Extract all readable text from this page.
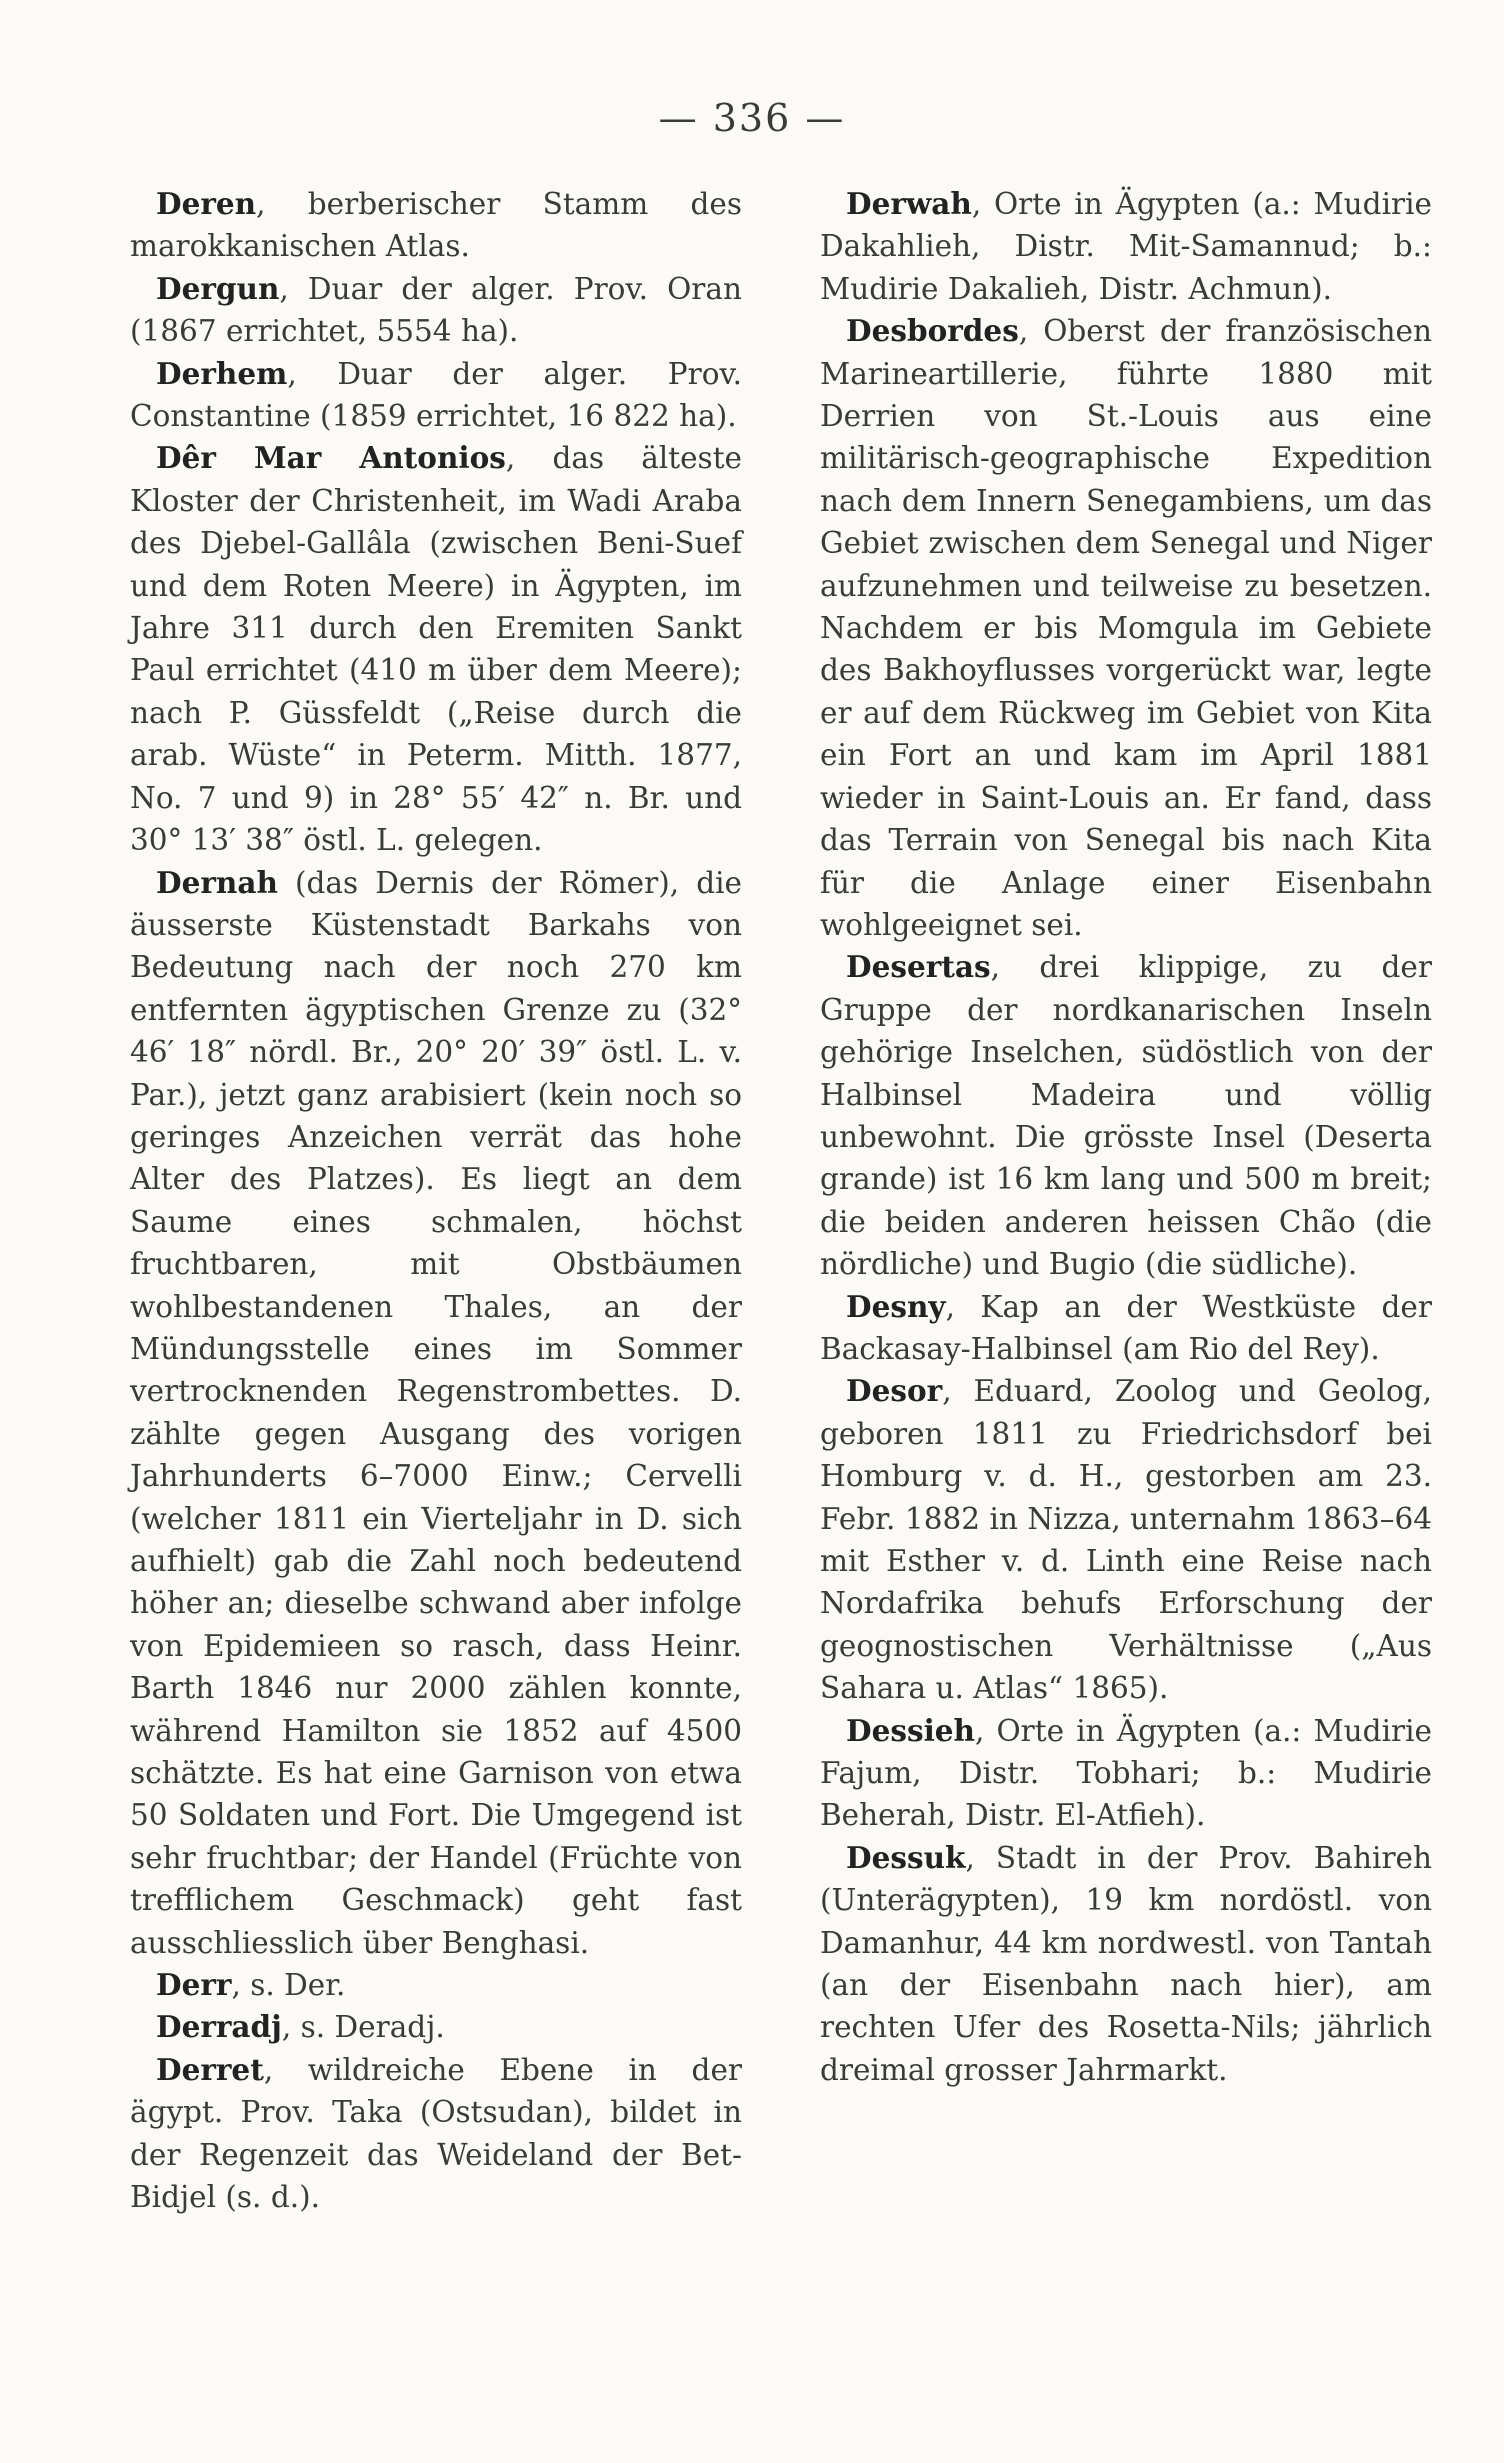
— 336 —

Deren, berberischer Stamm des marokkanischen Atlas.

Dergun, Duar der alger. Prov. Oran (1867 errichtet, 5554 ha).

Derhem, Duar der alger. Prov. Constantine (1859 errichtet, 16 822 ha).

Dêr Mar Antonios, das älteste Kloster der Christenheit, im Wadi Araba des Djebel-Gallâla (zwischen Beni-Suef und dem Roten Meere) in Ägypten, im Jahre 311 durch den Eremiten Sankt Paul errichtet (410 m über dem Meere); nach P. Güssfeldt („Reise durch die arab. Wüste“ in Peterm. Mitth. 1877, No. 7 und 9) in 28° 55′ 42″ n. Br. und 30° 13′ 38″ östl. L. gelegen.

Dernah (das Dernis der Römer), die äusserste Küstenstadt Barkahs von Bedeutung nach der noch 270 km entfernten ägyptischen Grenze zu (32° 46′ 18″ nördl. Br., 20° 20′ 39″ östl. L. v. Par.), jetzt ganz arabisiert (kein noch so geringes Anzeichen verrät das hohe Alter des Platzes). Es liegt an dem Saume eines schmalen, höchst fruchtbaren, mit Obstbäumen wohlbestandenen Thales, an der Mündungsstelle eines im Sommer vertrocknenden Regenstrombettes. D. zählte gegen Ausgang des vorigen Jahrhunderts 6–7000 Einw.; Cervelli (welcher 1811 ein Vierteljahr in D. sich aufhielt) gab die Zahl noch bedeutend höher an; dieselbe schwand aber infolge von Epidemieen so rasch, dass Heinr. Barth 1846 nur 2000 zählen konnte, während Hamilton sie 1852 auf 4500 schätzte. Es hat eine Garnison von etwa 50 Soldaten und Fort. Die Umgegend ist sehr fruchtbar; der Handel (Früchte von trefflichem Geschmack) geht fast ausschliesslich über Benghasi.

Derr, s. Der.

Derradj, s. Deradj.

Derret, wildreiche Ebene in der ägypt. Prov. Taka (Ostsudan), bildet in der Regenzeit das Weideland der Bet-Bidjel (s. d.).

Derwah, Orte in Ägypten (a.: Mudirie Dakahlieh, Distr. Mit-Samannud; b.: Mudirie Dakalieh, Distr. Achmun).

Desbordes, Oberst der französischen Marineartillerie, führte 1880 mit Derrien von St.-Louis aus eine militärisch-geographische Expedition nach dem Innern Senegambiens, um das Gebiet zwischen dem Senegal und Niger aufzunehmen und teilweise zu besetzen. Nachdem er bis Momgula im Gebiete des Bakhoyflusses vorgerückt war, legte er auf dem Rückweg im Gebiet von Kita ein Fort an und kam im April 1881 wieder in Saint-Louis an. Er fand, dass das Terrain von Senegal bis nach Kita für die Anlage einer Eisenbahn wohlgeeignet sei.

Desertas, drei klippige, zu der Gruppe der nordkanarischen Inseln gehörige Inselchen, südöstlich von der Halbinsel Madeira und völlig unbewohnt. Die grösste Insel (Deserta grande) ist 16 km lang und 500 m breit; die beiden anderen heissen Chão (die nördliche) und Bugio (die südliche).

Desny, Kap an der Westküste der Backasay-Halbinsel (am Rio del Rey).

Desor, Eduard, Zoolog und Geolog, geboren 1811 zu Friedrichsdorf bei Homburg v. d. H., gestorben am 23. Febr. 1882 in Nizza, unternahm 1863–64 mit Esther v. d. Linth eine Reise nach Nordafrika behufs Erforschung der geognostischen Verhältnisse („Aus Sahara u. Atlas“ 1865).

Dessieh, Orte in Ägypten (a.: Mudirie Fajum, Distr. Tobhari; b.: Mudirie Beherah, Distr. El-Atfieh).

Dessuk, Stadt in der Prov. Bahireh (Unterägypten), 19 km nordöstl. von Damanhur, 44 km nordwestl. von Tantah (an der Eisenbahn nach hier), am rechten Ufer des Rosetta-Nils; jährlich dreimal grosser Jahrmarkt.
